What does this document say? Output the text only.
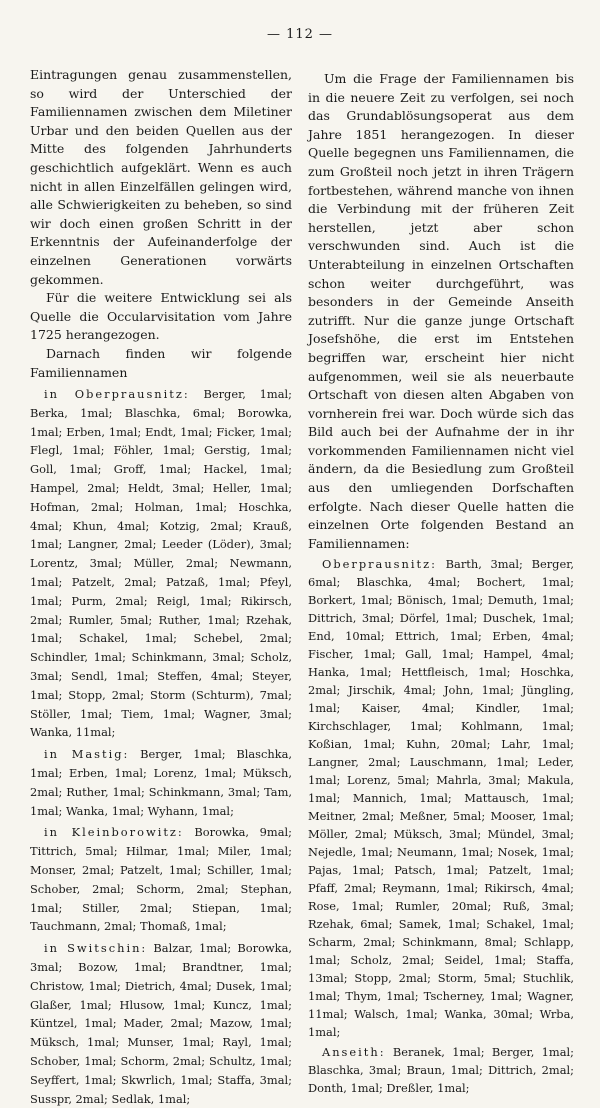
— 112 —

Eintragungen genau zusammenstellen, so wird der Unterschied der Familiennamen zwischen dem Miletiner Urbar und den beiden Quellen aus der Mitte des folgenden Jahrhunderts geschichtlich aufgeklärt. Wenn es auch nicht in allen Einzelfällen gelingen wird, alle Schwierigkeiten zu beheben, so sind wir doch einen großen Schritt in der Erkenntnis der Aufeinanderfolge der einzelnen Generationen vorwärts gekommen.

Für die weitere Entwicklung sei als Quelle die Occularvisitation vom Jahre 1725 herangezogen.

Darnach finden wir folgende Familiennamen

in Oberprausnitz: Berger, 1mal; Berka, 1mal; Blaschka, 6mal; Borowka, 1mal; Erben, 1mal; Endt, 1mal; Ficker, 1mal; Flegl, 1mal; Föhler, 1mal; Gerstig, 1mal; Goll, 1mal; Groff, 1mal; Hackel, 1mal; Hampel, 2mal; Heldt, 3mal; Heller, 1mal; Hofman, 2mal; Holman, 1mal; Hoschka, 4mal; Khun, 4mal; Kotzig, 2mal; Krauß, 1mal; Langner, 2mal; Leeder (Löder), 3mal; Lorentz, 3mal; Müller, 2mal; Newmann, 1mal; Patzelt, 2mal; Patzaß, 1mal; Pfeyl, 1mal; Purm, 2mal; Reigl, 1mal; Rikirsch, 2mal; Rumler, 5mal; Ruther, 1mal; Rzehak, 1mal; Schakel, 1mal; Schebel, 2mal; Schindler, 1mal; Schinkmann, 3mal; Scholz, 3mal; Sendl, 1mal; Steffen, 4mal; Steyer, 1mal; Stopp, 2mal; Storm (Schturm), 7mal; Stöller, 1mal; Tiem, 1mal; Wagner, 3mal; Wanka, 11mal;

in Mastig: Berger, 1mal; Blaschka, 1mal; Erben, 1mal; Lorenz, 1mal; Müksch, 2mal; Ruther, 1mal; Schinkmann, 3mal; Tam, 1mal; Wanka, 1mal; Wyhann, 1mal;

in Kleinborowitz: Borowka, 9mal; Tittrich, 5mal; Hilmar, 1mal; Miler, 1mal; Monser, 2mal; Patzelt, 1mal; Schiller, 1mal; Schober, 2mal; Schorm, 2mal; Stephan, 1mal; Stiller, 2mal; Stiepan, 1mal; Tauchmann, 2mal; Thomaß, 1mal;

in Switschin: Balzar, 1mal; Borowka, 3mal; Bozow, 1mal; Brandtner, 1mal; Christow, 1mal; Dietrich, 4mal; Dusek, 1mal; Glaßer, 1mal; Hlusow, 1mal; Kuncz, 1mal; Küntzel, 1mal; Mader, 2mal; Mazow, 1mal; Müksch, 1mal; Munser, 1mal; Rayl, 1mal; Schober, 1mal; Schorm, 2mal; Schultz, 1mal; Seyffert, 1mal; Skwrlich, 1mal; Staffa, 3mal; Susspr, 2mal; Sedlak, 1mal;

Um die Frage der Familiennamen bis in die neuere Zeit zu verfolgen, sei noch das Grundablösungsoperat aus dem Jahre 1851 herangezogen. In dieser Quelle begegnen uns Familiennamen, die zum Großteil noch jetzt in ihren Trägern fortbestehen, während manche von ihnen die Verbindung mit der früheren Zeit herstellen, jetzt aber schon verschwunden sind. Auch ist die Unterabteilung in einzelnen Ortschaften schon weiter durchgeführt, was besonders in der Gemeinde Anseith zutrifft. Nur die ganze junge Ortschaft Josefshöhe, die erst im Entstehen begriffen war, erscheint hier nicht aufgenommen, weil sie als neuerbaute Ortschaft von diesen alten Abgaben von vornherein frei war. Doch würde sich das Bild auch bei der Aufnahme der in ihr vorkommenden Familiennamen nicht viel ändern, da die Besiedlung zum Großteil aus den umliegenden Dorfschaften erfolgte. Nach dieser Quelle hatten die einzelnen Orte folgenden Bestand an Familiennamen:

Oberprausnitz: Barth, 3mal; Berger, 6mal; Blaschka, 4mal; Bochert, 1mal; Borkert, 1mal; Bönisch, 1mal; Demuth, 1mal; Dittrich, 3mal; Dörfel, 1mal; Duschek, 1mal; End, 10mal; Ettrich, 1mal; Erben, 4mal; Fischer, 1mal; Gall, 1mal; Hampel, 4mal; Hanka, 1mal; Hettfleisch, 1mal; Hoschka, 2mal; Jirschik, 4mal; John, 1mal; Jüngling, 1mal; Kaiser, 4mal; Kindler, 1mal; Kirchschlager, 1mal; Kohlmann, 1mal; Koßian, 1mal; Kuhn, 20mal; Lahr, 1mal; Langner, 2mal; Lauschmann, 1mal; Leder, 1mal; Lorenz, 5mal; Mahrla, 3mal; Makula, 1mal; Mannich, 1mal; Mattausch, 1mal; Meitner, 2mal; Meßner, 5mal; Mooser, 1mal; Möller, 2mal; Müksch, 3mal; Mündel, 3mal; Nejedle, 1mal; Neumann, 1mal; Nosek, 1mal; Pajas, 1mal; Patsch, 1mal; Patzelt, 1mal; Pfaff, 2mal; Reymann, 1mal; Rikirsch, 4mal; Rose, 1mal; Rumler, 20mal; Ruß, 3mal; Rzehak, 6mal; Samek, 1mal; Schakel, 1mal; Scharm, 2mal; Schinkmann, 8mal; Schlapp, 1mal; Scholz, 2mal; Seidel, 1mal; Staffa, 13mal; Stopp, 2mal; Storm, 5mal; Stuchlik, 1mal; Thym, 1mal; Tscherney, 1mal; Wagner, 11mal; Walsch, 1mal; Wanka, 30mal; Wrba, 1mal;

Anseith: Beranek, 1mal; Berger, 1mal; Blaschka, 3mal; Braun, 1mal; Dittrich, 2mal; Donth, 1mal; Dreßler, 1mal;
